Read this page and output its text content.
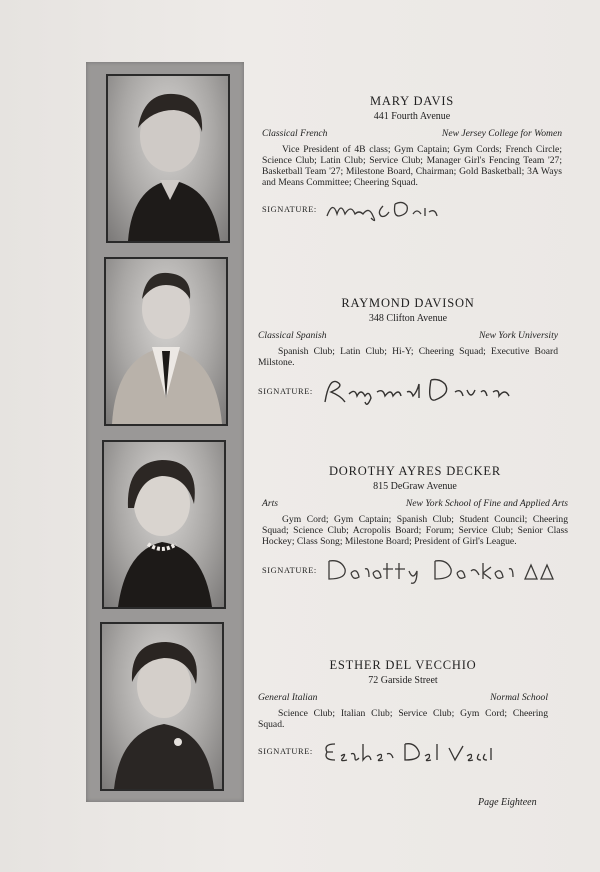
MARY DAVIS
441 Fourth Avenue
Classical French	New Jersey College for Women
Vice President of 4B class; Gym Captain; Gym Cords; French Circle; Science Club; Latin Club; Service Club; Manager Girl's Fencing Team '27; Basketball Team '27; Milestone Board, Chairman; Gold Basketball; 3A Ways and Means Committee; Cheering Squad.
SIGNATURE:
RAYMOND DAVISON
348 Clifton Avenue
Classical Spanish	New York University
Spanish Club; Latin Club; Hi-Y; Cheering Squad; Executive Board Milstone.
SIGNATURE:
DOROTHY AYRES DECKER
815 DeGraw Avenue
Arts	New York School of Fine and Applied Arts
Gym Cord; Gym Captain; Spanish Club; Student Council; Cheering Squad; Science Club; Acropolis Board; Forum; Service Club; Senior Class Hockey; Class Song; Milestone Board; President of Girl's League.
SIGNATURE:
ESTHER DEL VECCHIO
72 Garside Street
General Italian	Normal School
Science Club; Italian Club; Service Club; Gym Cord; Cheering Squad.
SIGNATURE:
Page Eighteen
